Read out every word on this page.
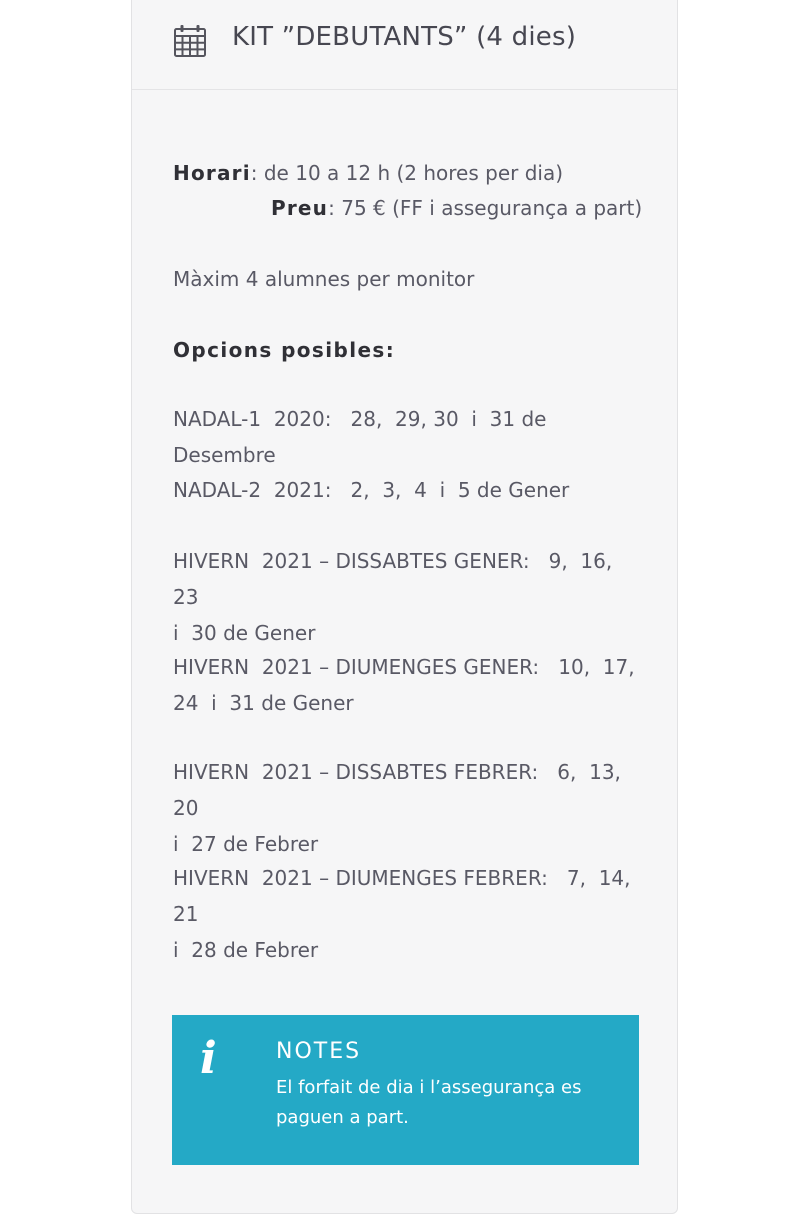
KIT ”DEBUTANTS” (4 dies)
Horari: de 10 a 12 h (2 hores per dia)
Preu: 75 € (FF i assegurança a part)
Màxim 4 alumnes per monitor
Opcions posibles:
NADAL-1  2020:   28,  29, 30  i  31 de Desembre
NADAL-2  2021:   2,  3,  4  i  5 de Gener
HIVERN  2021 – DISSABTES GENER:   9,  16,  23
i  30 de Gener
HIVERN  2021 – DIUMENGES GENER:   10,  17,
24  i  31 de Gener
HIVERN  2021 – DISSABTES FEBRER:   6,  13,  20
i  27 de Febrer
HIVERN  2021 – DIUMENGES FEBRER:   7,  14,  21
i  28 de Febrer
i	NOTES
El forfait de dia i l’assegurança es paguen a part.
